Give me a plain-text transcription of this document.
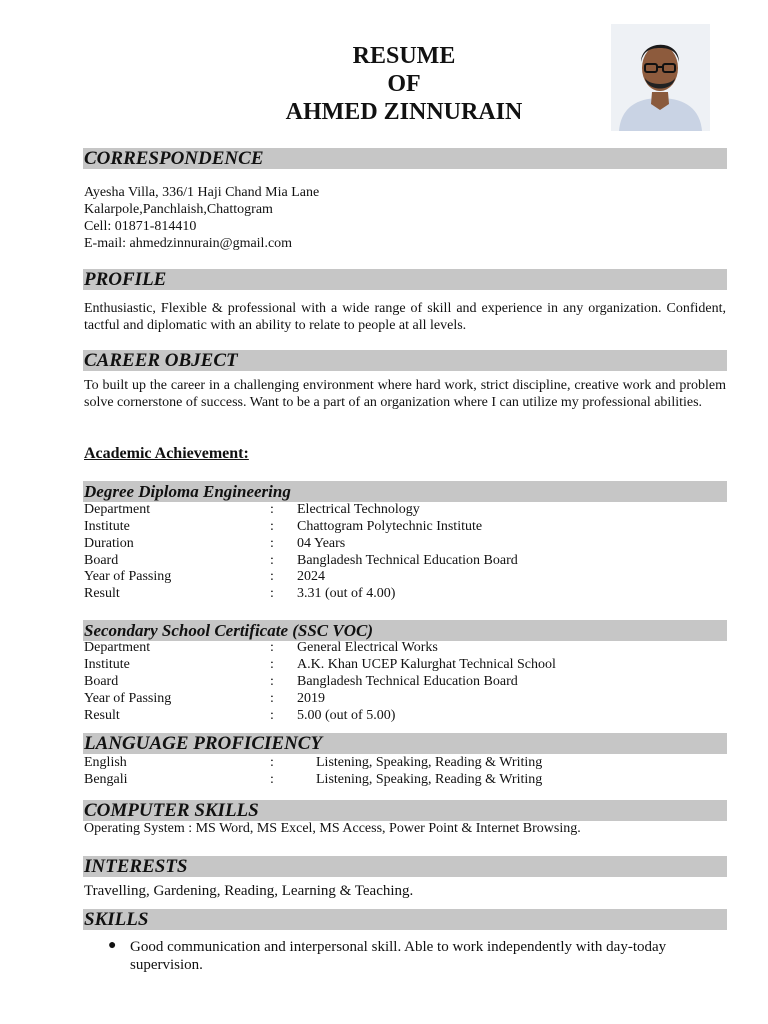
RESUME
OF
AHMED ZINNURAIN
CORRESPONDENCE
Ayesha Villa, 336/1 Haji Chand Mia Lane
Kalarpole,Panchlaish,Chattogram
Cell: 01871-814410
E-mail: ahmedzinnurain@gmail.com
PROFILE
Enthusiastic, Flexible & professional with a wide range of skill and experience in any organization. Confident, tactful and diplomatic with an ability to relate to people at all levels.
CAREER OBJECT
To built up the career in a challenging environment where hard work, strict discipline, creative work and problem solve cornerstone of success. Want to be a part of an organization where I can utilize my professional abilities.
Academic Achievement:
Degree Diploma Engineering
Department	: Electrical Technology
Institute	: Chattogram Polytechnic Institute
Duration	: 04 Years
Board	: Bangladesh Technical Education Board
Year of Passing	: 2024
Result	: 3.31 (out of 4.00)
Secondary School Certificate (SSC VOC)
Department	: General Electrical Works
Institute	: A.K. Khan UCEP Kalurghat Technical School
Board	: Bangladesh Technical Education Board
Year of Passing	: 2019
Result	: 5.00 (out of 5.00)
LANGUAGE PROFICIENCY
English	:	Listening, Speaking, Reading & Writing
Bengali	:	Listening, Speaking, Reading & Writing
COMPUTER SKILLS
Operating System : MS Word, MS Excel, MS Access, Power Point & Internet Browsing.
INTERESTS
Travelling, Gardening, Reading, Learning & Teaching.
SKILLS
● Good communication and interpersonal skill. Able to work independently with day-today supervision.
